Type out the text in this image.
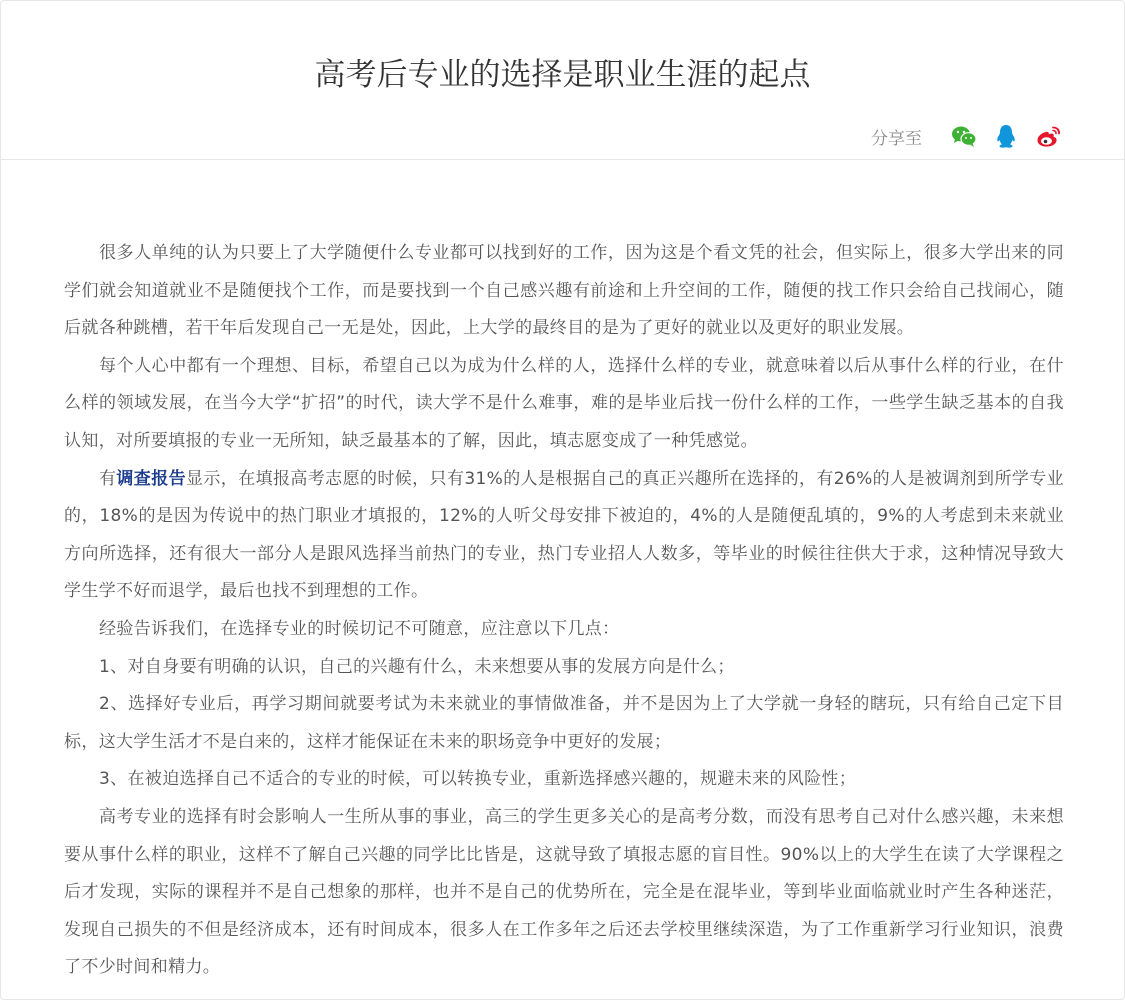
高考后专业的选择是职业生涯的起点
分享至

很多人单纯的认为只要上了大学随便什么专业都可以找到好的工作，因为这是个看文凭的社会，但实际上，很多大学出来的同学们就会知道就业不是随便找个工作，而是要找到一个自己感兴趣有前途和上升空间的工作，随便的找工作只会给自己找闹心，随后就各种跳槽，若干年后发现自己一无是处，因此，上大学的最终目的是为了更好的就业以及更好的职业发展。

每个人心中都有一个理想、目标，希望自己以为成为什么样的人，选择什么样的专业，就意味着以后从事什么样的行业，在什么样的领域发展，在当今大学“扩招”的时代，读大学不是什么难事，难的是毕业后找一份什么样的工作，一些学生缺乏基本的自我认知，对所要填报的专业一无所知，缺乏最基本的了解，因此，填志愿变成了一种凭感觉。

有调查报告显示，在填报高考志愿的时候，只有31%的人是根据自己的真正兴趣所在选择的，有26%的人是被调剂到所学专业的，18%的是因为传说中的热门职业才填报的，12%的人听父母安排下被迫的，4%的人是随便乱填的，9%的人考虑到未来就业方向所选择，还有很大一部分人是跟风选择当前热门的专业，热门专业招人人数多，等毕业的时候往往供大于求，这种情况导致大学生学不好而退学，最后也找不到理想的工作。

经验告诉我们，在选择专业的时候切记不可随意，应注意以下几点：

1、对自身要有明确的认识，自己的兴趣有什么，未来想要从事的发展方向是什么；

2、选择好专业后，再学习期间就要考试为未来就业的事情做准备，并不是因为上了大学就一身轻的瞎玩，只有给自己定下目标，这大学生活才不是白来的，这样才能保证在未来的职场竞争中更好的发展；

3、在被迫选择自己不适合的专业的时候，可以转换专业，重新选择感兴趣的，规避未来的风险性；

高考专业的选择有时会影响人一生所从事的事业，高三的学生更多关心的是高考分数，而没有思考自己对什么感兴趣，未来想要从事什么样的职业，这样不了解自己兴趣的同学比比皆是，这就导致了填报志愿的盲目性。90%以上的大学生在读了大学课程之后才发现，实际的课程并不是自己想象的那样，也并不是自己的优势所在，完全是在混毕业，等到毕业面临就业时产生各种迷茫，发现自己损失的不但是经济成本，还有时间成本，很多人在工作多年之后还去学校里继续深造，为了工作重新学习行业知识，浪费了不少时间和精力。
